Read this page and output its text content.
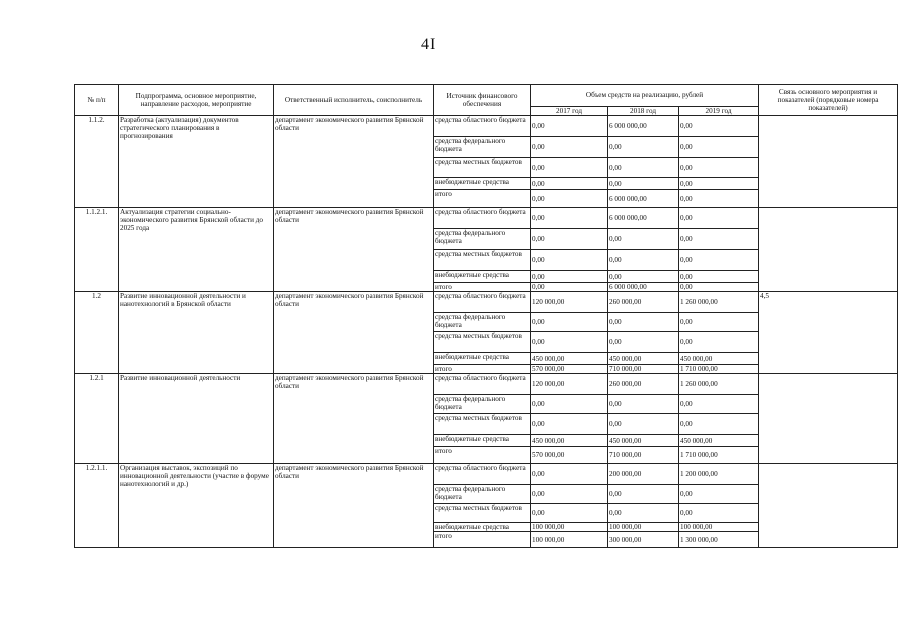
4I
№ п/п	Подпрограмма, основное мероприятие, направление расходов, мероприятие	Ответственный исполнитель, соисполнитель	Источник финансового обеспечения	Объем средств на реализацию, рублей			Связь основного мероприятия и показателей (порядковые номера показателей)
				2017 год	2018 год	2019 год	
1.1.2.	Разработка (актуализация) документов стратегического планирования в прогнозирования	департамент экономического развития Брянской области	средства областного бюджета	0,00	6 000 000,00	0,00	
			средства федерального бюджета	0,00	0,00	0,00	
			средства местных бюджетов	0,00	0,00	0,00	
			внебюджетные средства	0,00	0,00	0,00	
			итого	0,00	6 000 000,00	0,00	
1.1.2.1.	Актуализация стратегии социально-экономического развития Брянской области до 2025 года	департамент экономического развития Брянской области	средства областного бюджета	0,00	6 000 000,00	0,00	
			средства федерального бюджета	0,00	0,00	0,00	
			средства местных бюджетов	0,00	0,00	0,00	
			внебюджетные средства	0,00	0,00	0,00	
			итого	0,00	6 000 000,00	0,00	
1.2	Развитие инновационной деятельности и нанотехнологий в Брянской области	департамент экономического развития Брянской области	средства областного бюджета	120 000,00	260 000,00	1 260 000,00	4,5
			средства федерального бюджета	0,00	0,00	0,00	
			средства местных бюджетов	0,00	0,00	0,00	
			внебюджетные средства	450 000,00	450 000,00	450 000,00	
			итого	570 000,00	710 000,00	1 710 000,00	
1.2.1	Развитие инновационной деятельности	департамент экономического развития Брянской области	средства областного бюджета	120 000,00	260 000,00	1 260 000,00	
			средства федерального бюджета	0,00	0,00	0,00	
			средства местных бюджетов	0,00	0,00	0,00	
			внебюджетные средства	450 000,00	450 000,00	450 000,00	
			итого	570 000,00	710 000,00	1 710 000,00	
1.2.1.1.	Организация выставок, экспозиций по инновационной деятельности (участие в форуме нанотехнологий и др.)	департамент экономического развития Брянской области	средства областного бюджета	0,00	200 000,00	1 200 000,00	
			средства федерального бюджета	0,00	0,00	0,00	
			средства местных бюджетов	0,00	0,00	0,00	
			внебюджетные средства	100 000,00	100 000,00	100 000,00	
			итого	100 000,00	300 000,00	1 300 000,00	
